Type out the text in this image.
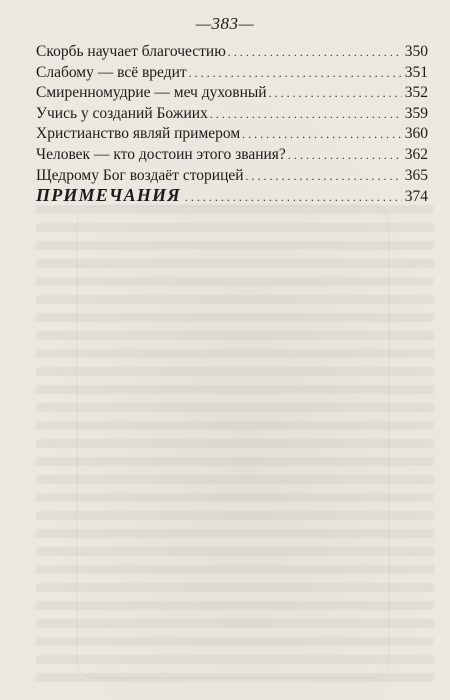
—383—
Скорбь научает благочестию . . .	350
Слабому — всё вредит . . .	351
Смиренномудрие — меч духовный . . .	352
Учись у созданий Божиих . . .	359
Христианство являй примером . . .	360
Человек — кто достоин этого звания? . . .	362
Щедрому Бог воздаёт сторицей . . .	365
ПРИМЕЧАНИЯ . . .	374
